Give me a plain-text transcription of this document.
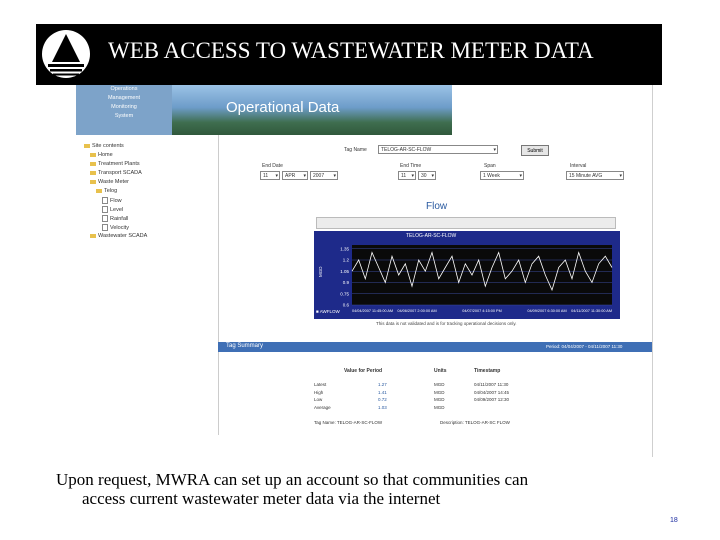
WEB ACCESS TO WASTEWATER METER DATA
Operations
Management
Monitoring
System	Operational Data
Site contents
Home
Treatment Plants
Transport SCADA
Waste Meter
Telog
Flow
Level
Rainfall
Velocity
Wastewater SCADA
Tag Name	TELOG-AR-SC-FLOW ▾	Submit
End Date
11 ▾	APR ▾	2007 ▾
End Time
11 ▾	30 ▾
Span
1 Week ▾
Interval
15 Minute AVG ▾
Flow
1.35
1.2
1.05
0.9
0.75
0.6
MGD
04/04/2007 11:45:00 AM 04/06/2007 2:00:00 AM	04/07/2007 4:15:00 PM	04/09/2007 6:30:00 AM 04/11/2007 11:30:00 AM
TELOG-AR-SC-FLOW
■ AWFLOW
This data is not validated and is for tracking operational decisions only.
Tag Summary	Period: 04/04/2007 - 04/11/2007 11:30
Value for Period	Units	Timestamp
Tag Name: TELOG-AR-SC-FLOW	Description: TELOG-AR-SC FLOW
Latest	1.27	MGD	04/11/2007 11:30
High	1.41	MGD	04/04/2007 14:45
Low	0.72	MGD	04/09/2007 12:30
Average	1.03	MGD
Upon request, MWRA can set up an account so that communities can
access current wastewater meter data via the internet
18
